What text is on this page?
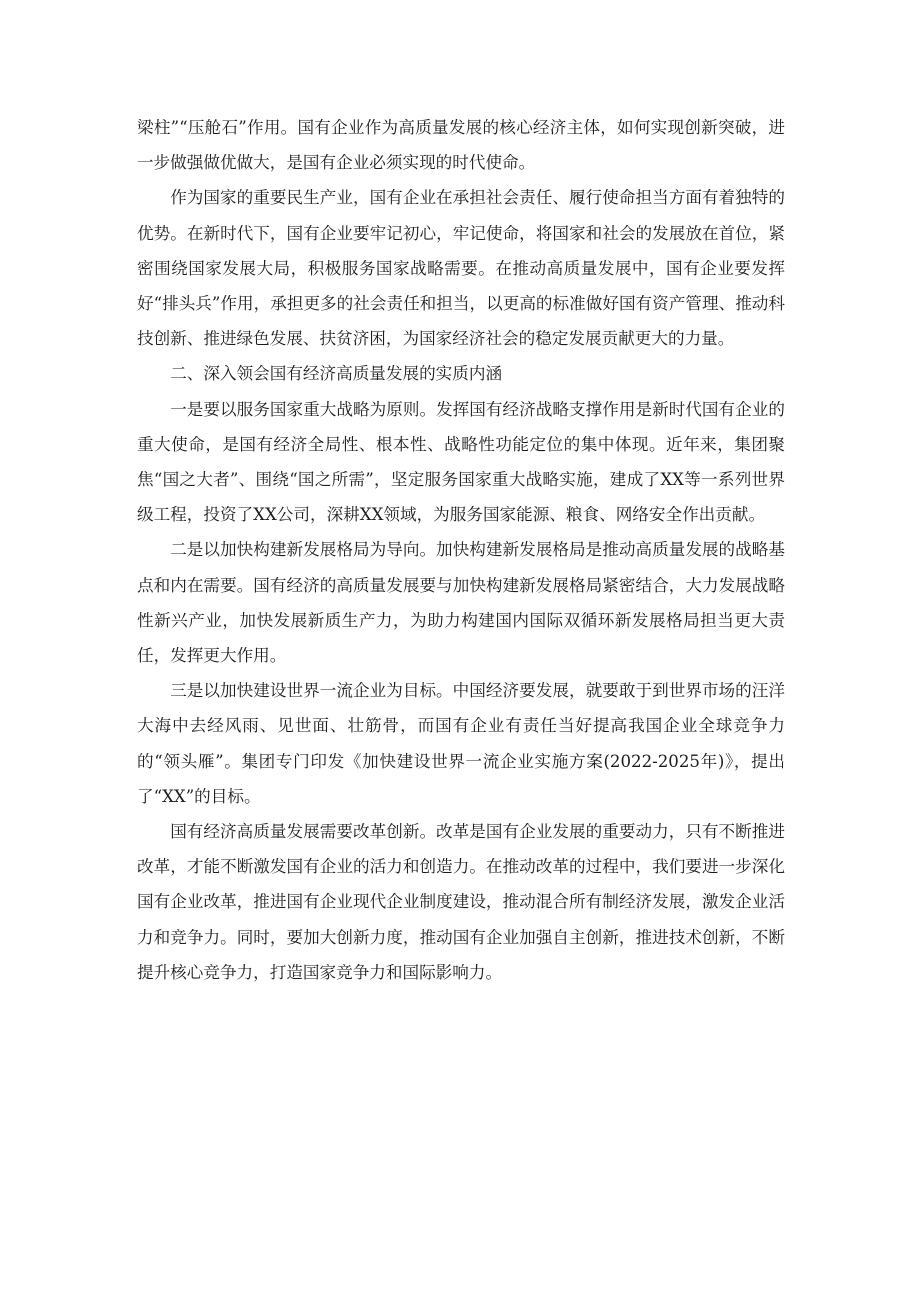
梁柱”“压舱石”作用。国有企业作为高质量发展的核心经济主体，如何实现创新突破，进一步做强做优做大，是国有企业必须实现的时代使命。

作为国家的重要民生产业，国有企业在承担社会责任、履行使命担当方面有着独特的优势。在新时代下，国有企业要牢记初心，牢记使命，将国家和社会的发展放在首位，紧密围绕国家发展大局，积极服务国家战略需要。在推动高质量发展中，国有企业要发挥好“排头兵”作用，承担更多的社会责任和担当，以更高的标准做好国有资产管理、推动科技创新、推进绿色发展、扶贫济困，为国家经济社会的稳定发展贡献更大的力量。

二、深入领会国有经济高质量发展的实质内涵

一是要以服务国家重大战略为原则。发挥国有经济战略支撑作用是新时代国有企业的重大使命，是国有经济全局性、根本性、战略性功能定位的集中体现。近年来，集团聚焦“国之大者”、围绕“国之所需”，坚定服务国家重大战略实施，建成了XX等一系列世界级工程，投资了XX公司，深耕XX领域，为服务国家能源、粮食、网络安全作出贡献。

二是以加快构建新发展格局为导向。加快构建新发展格局是推动高质量发展的战略基点和内在需要。国有经济的高质量发展要与加快构建新发展格局紧密结合，大力发展战略性新兴产业，加快发展新质生产力，为助力构建国内国际双循环新发展格局担当更大责任，发挥更大作用。

三是以加快建设世界一流企业为目标。中国经济要发展，就要敢于到世界市场的汪洋大海中去经风雨、见世面、壮筋骨，而国有企业有责任当好提高我国企业全球竞争力的“领头雁”。集团专门印发《加快建设世界一流企业实施方案(2022-2025年)》，提出了“XX”的目标。

国有经济高质量发展需要改革创新。改革是国有企业发展的重要动力，只有不断推进改革，才能不断激发国有企业的活力和创造力。在推动改革的过程中，我们要进一步深化国有企业改革，推进国有企业现代企业制度建设，推动混合所有制经济发展，激发企业活力和竞争力。同时，要加大创新力度，推动国有企业加强自主创新，推进技术创新，不断提升核心竞争力，打造国家竞争力和国际影响力。
